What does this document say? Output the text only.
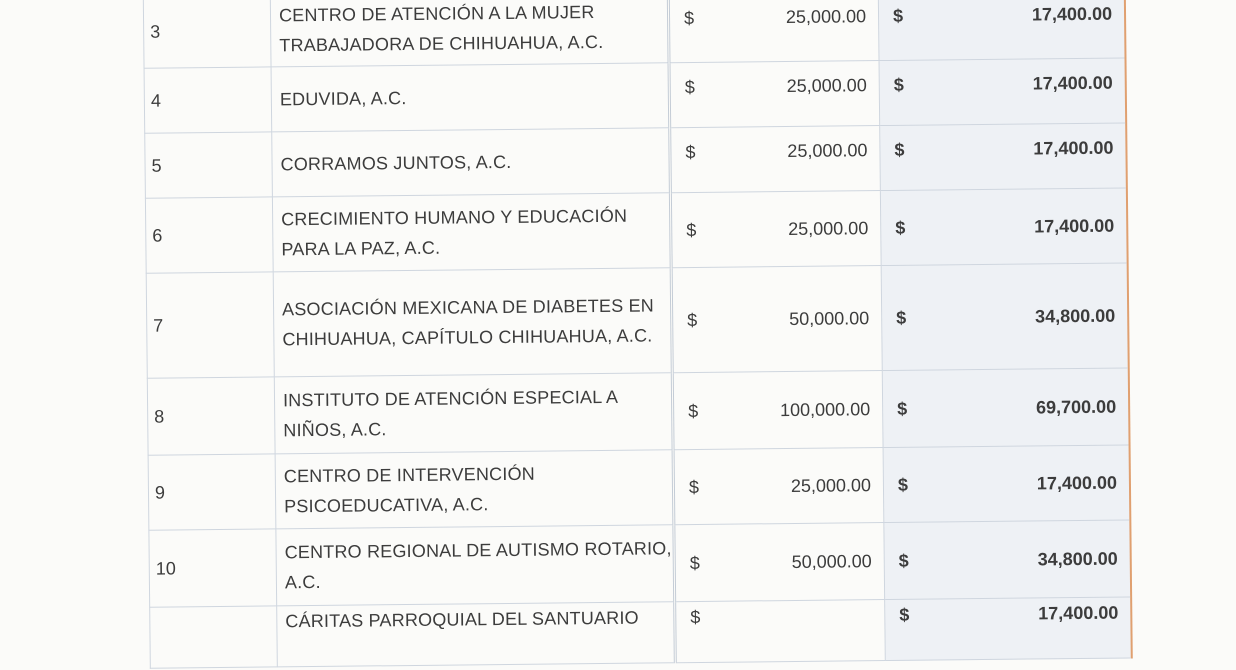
3	CENTRO DE ATENCIÓN A LA MUJER TRABAJADORA DE CHIHUAHUA, A.C.	$ 25,000.00	$ 17,400.00

4	EDUVIDA, A.C.	$ 25,000.00	$ 17,400.00

5	CORRAMOS JUNTOS, A.C.	$ 25,000.00	$ 17,400.00

6	CRECIMIENTO HUMANO Y EDUCACIÓN PARA LA PAZ, A.C.	$ 25,000.00	$ 17,400.00

7	ASOCIACIÓN MEXICANA DE DIABETES EN CHIHUAHUA, CAPÍTULO CHIHUAHUA, A.C.	$ 50,000.00	$ 34,800.00

8	INSTITUTO DE ATENCIÓN ESPECIAL A NIÑOS, A.C.	$ 100,000.00	$ 69,700.00

9	CENTRO DE INTERVENCIÓN PSICOEDUCATIVA, A.C.	$ 25,000.00	$ 17,400.00

10	CENTRO REGIONAL DE AUTISMO ROTARIO, A.C.	$ 50,000.00	$ 34,800.00

	CÁRITAS PARROQUIAL DEL SANTUARIO	$	$ 17,400.00
